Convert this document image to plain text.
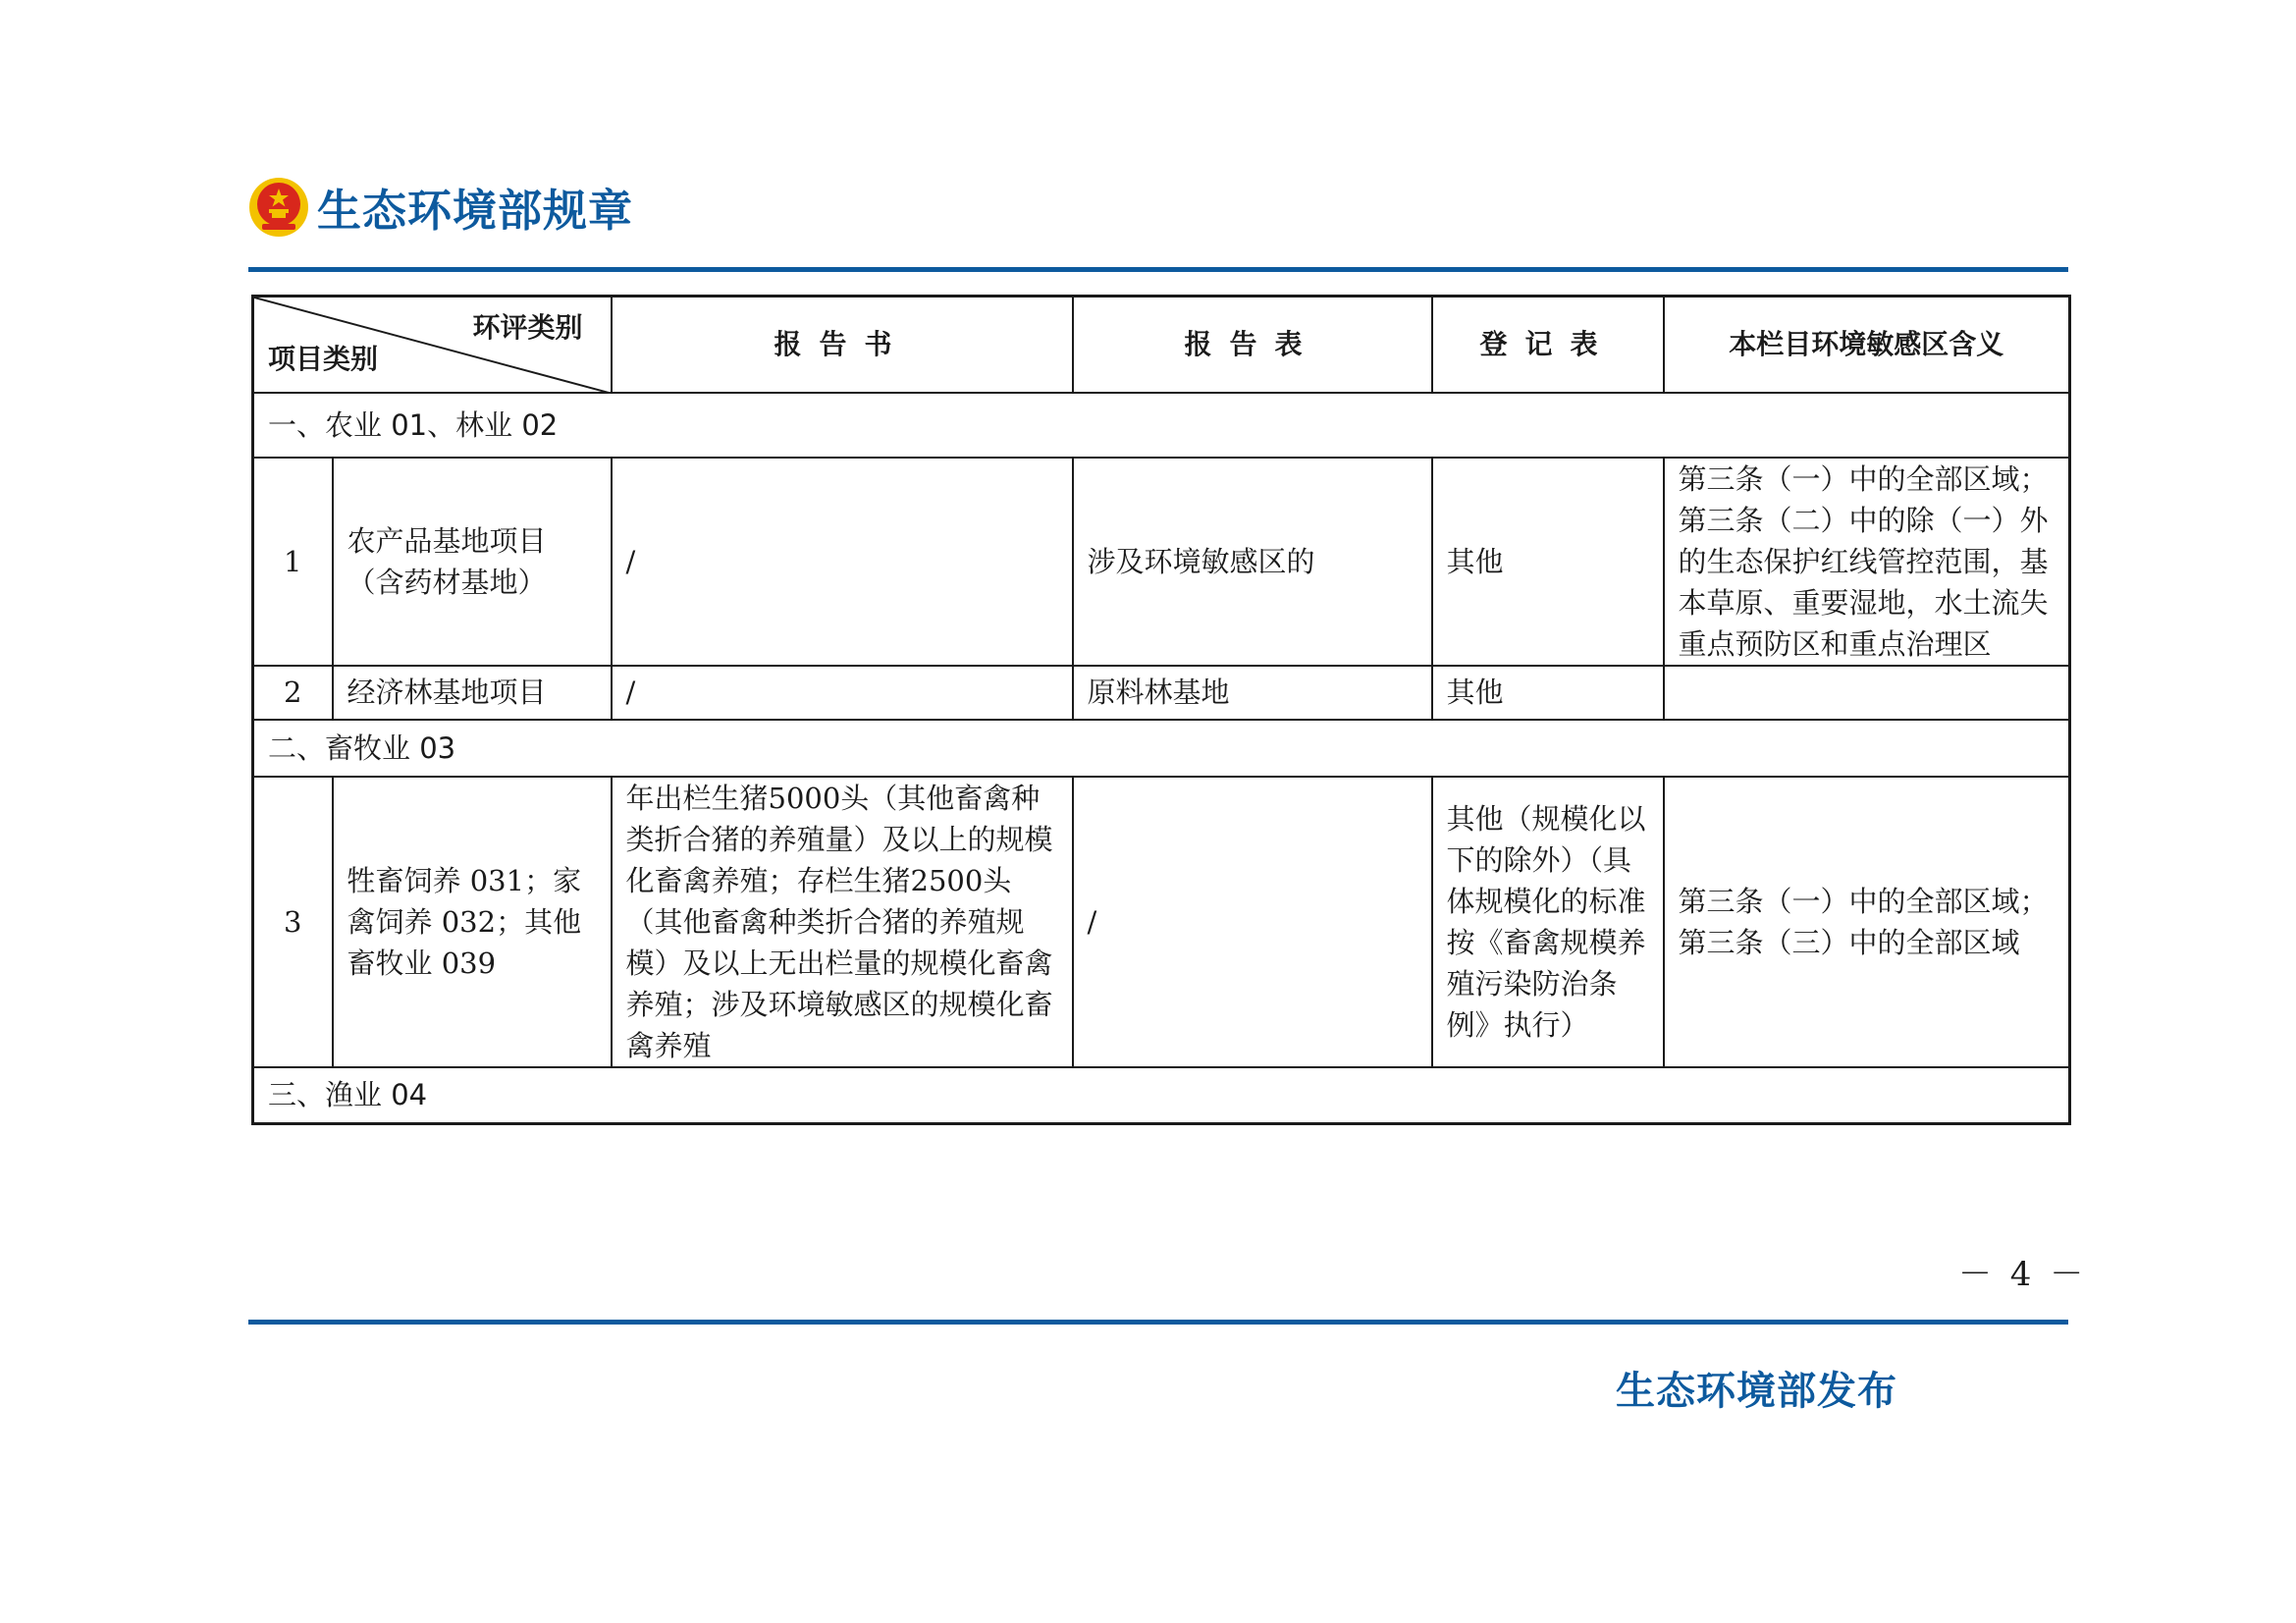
生态环境部规章
环评类别
项目类别		报告书	报告表	登记表	本栏目环境敏感区含义
一、农业 01、林业 02					
1	农产品基地项目（含药材基地）	/	涉及环境敏感区的	其他	第三条（一）中的全部区域；第三条（二）中的除（一）外的生态保护红线管控范围，基本草原、重要湿地，水土流失重点预防区和重点治理区
2	经济林基地项目	/	原料林基地	其他	
二、畜牧业 03					
3	牲畜饲养 031；家禽饲养 032；其他畜牧业 039	年出栏生猪5000头（其他畜禽种类折合猪的养殖量）及以上的规模化畜禽养殖；存栏生猪2500头（其他畜禽种类折合猪的养殖规模）及以上无出栏量的规模化畜禽养殖；涉及环境敏感区的规模化畜禽养殖	/	其他（规模化以下的除外）（具体规模化的标准按《畜禽规模养殖污染防治条例》执行）	第三条（一）中的全部区域；第三条（三）中的全部区域
三、渔业 04					
－ 4 －
生态环境部发布
